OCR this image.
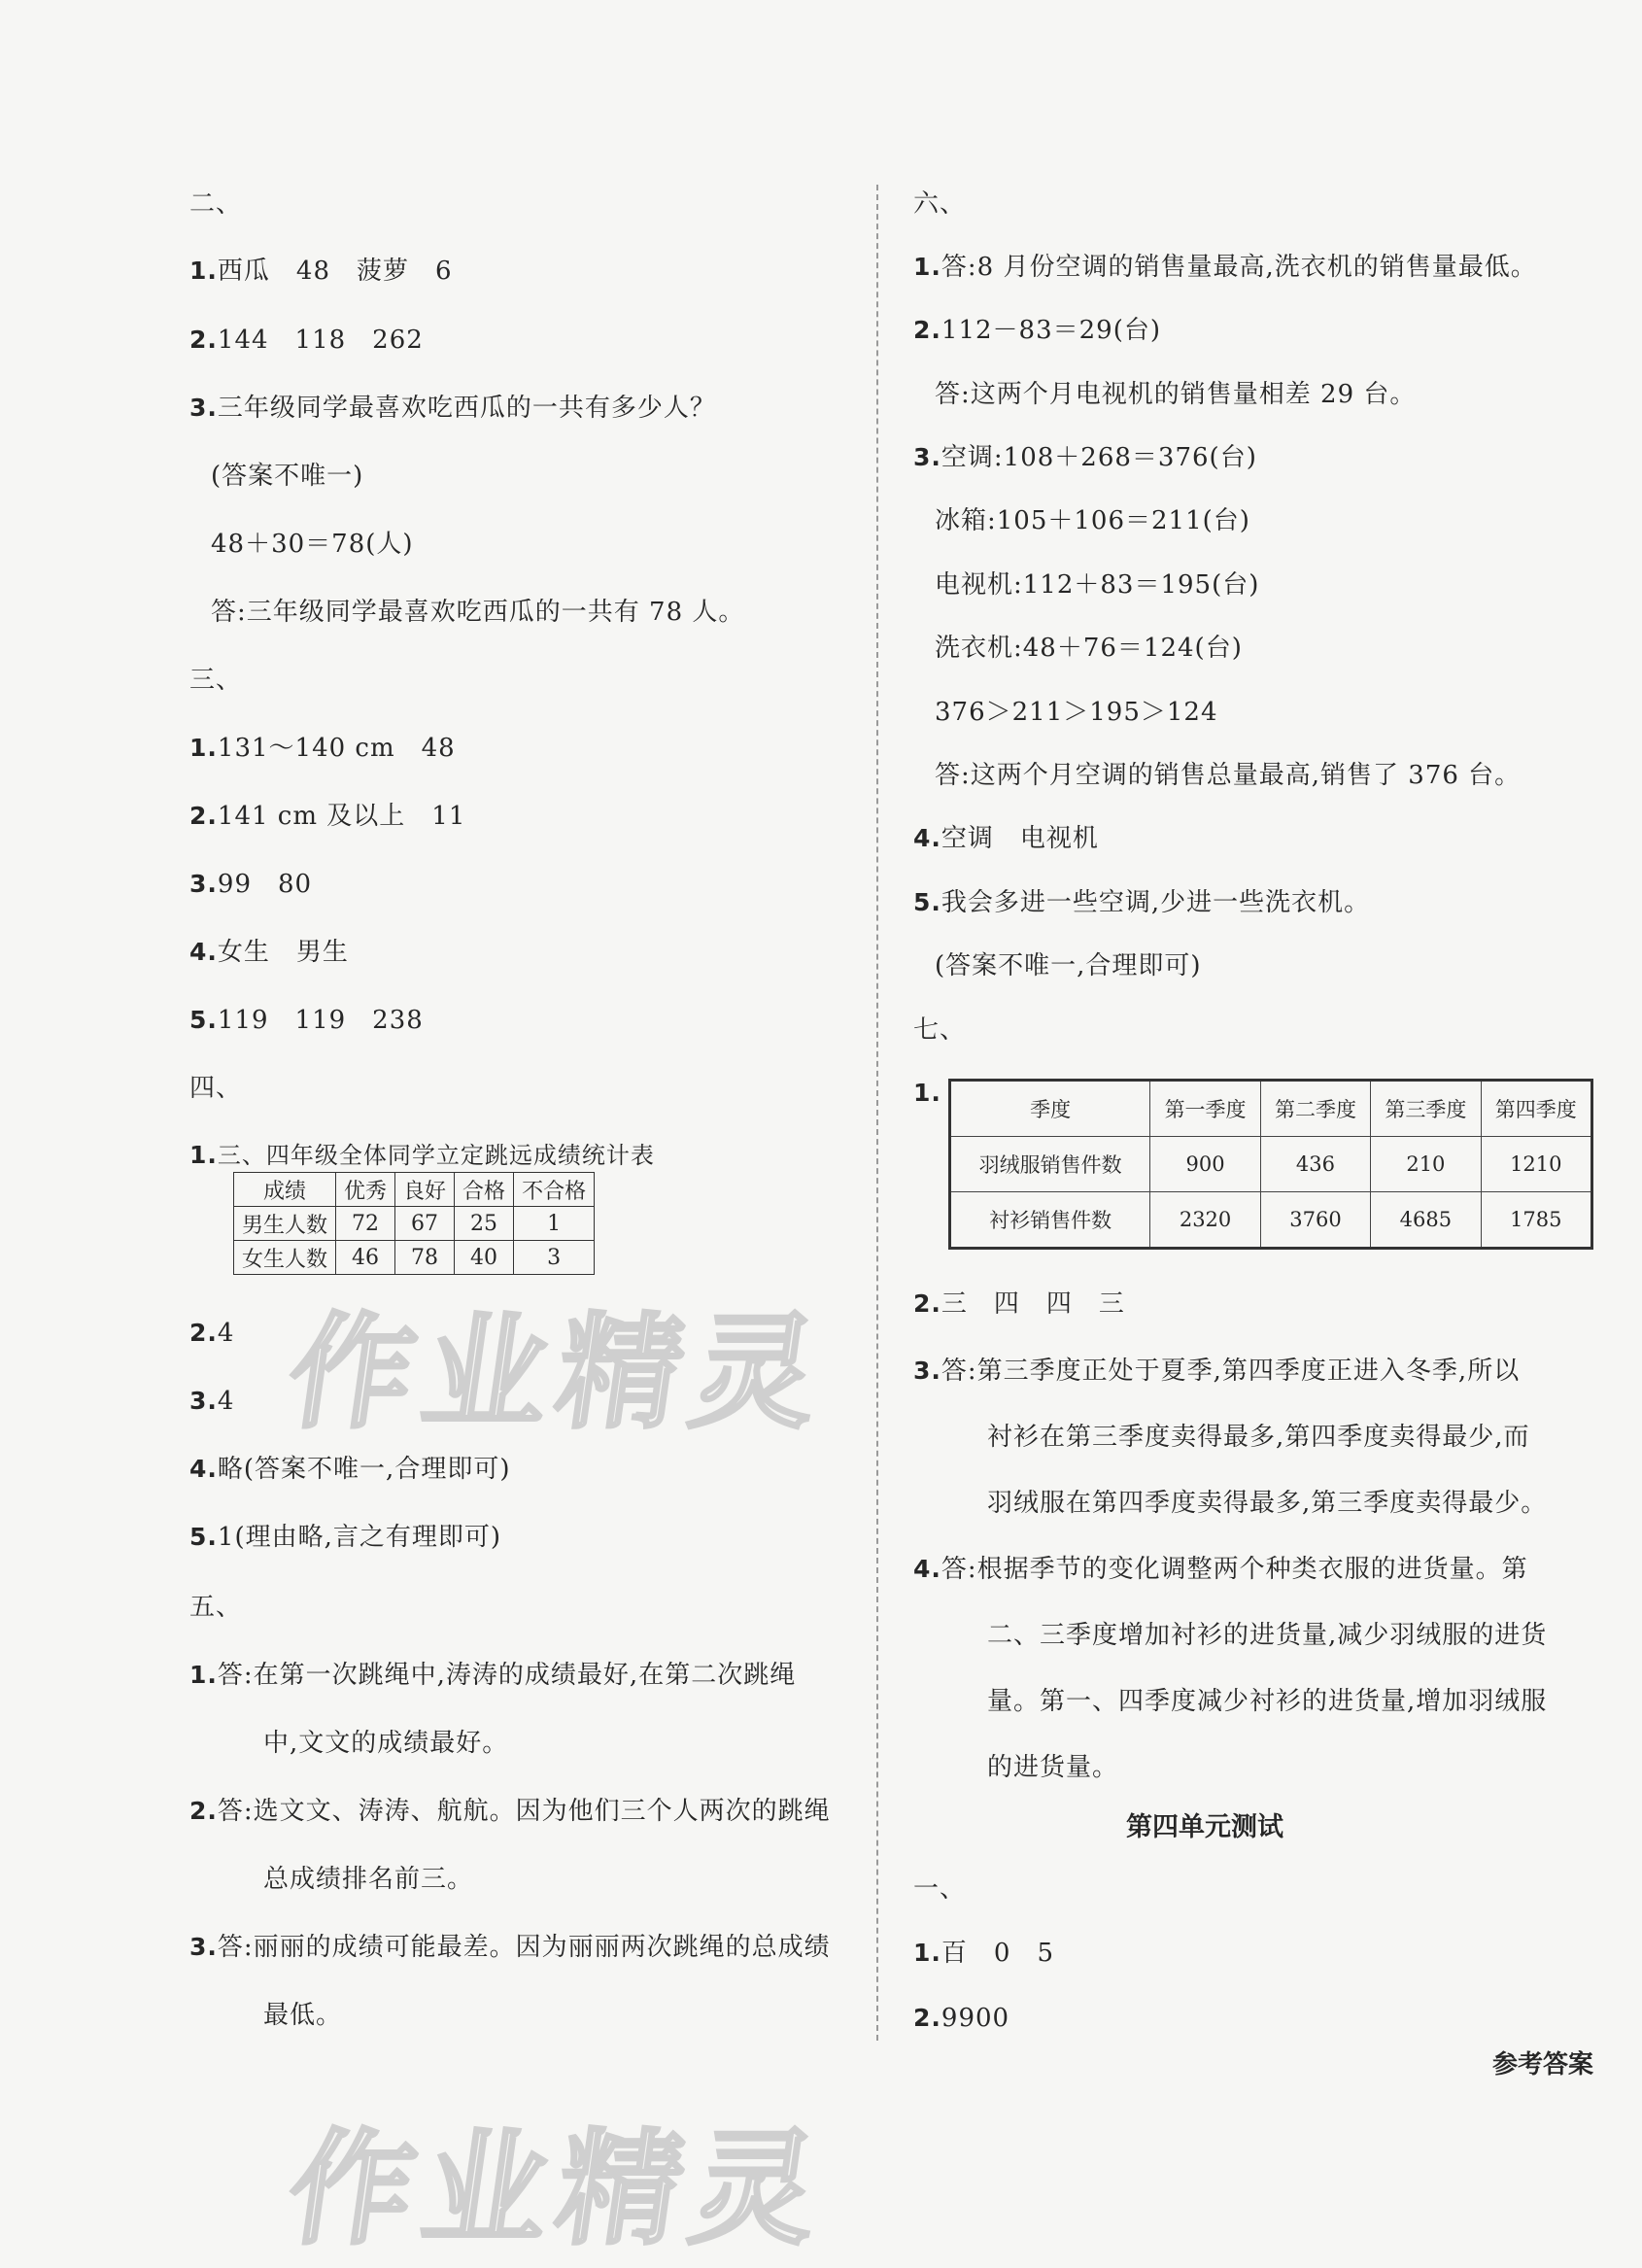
作业精灵
作业精灵
二、
1.西瓜　48　菠萝　6
2.144　118　262
3.三年级同学最喜欢吃西瓜的一共有多少人？
(答案不唯一)
48＋30＝78(人)
答:三年级同学最喜欢吃西瓜的一共有 78 人。
三、
1.131～140 cm　48
2.141 cm 及以上　11
3.99　80
4.女生　男生
5.119　119　238
四、
1.三、四年级全体同学立定跳远成绩统计表
成绩	优秀	良好	合格	不合格
男生人数	72	67	25	1
女生人数	46	78	40	3
2.4
3.4
4.略(答案不唯一,合理即可)
5.1(理由略,言之有理即可)
五、
1.答:在第一次跳绳中,涛涛的成绩最好,在第二次跳绳
中,文文的成绩最好。
2.答:选文文、涛涛、航航。因为他们三个人两次的跳绳
总成绩排名前三。
3.答:丽丽的成绩可能最差。因为丽丽两次跳绳的总成绩
最低。
六、
1.答:8 月份空调的销售量最高,洗衣机的销售量最低。
2.112－83＝29(台)
答:这两个月电视机的销售量相差 29 台。
3.空调:108＋268＝376(台)
冰箱:105＋106＝211(台)
电视机:112＋83＝195(台)
洗衣机:48＋76＝124(台)
376＞211＞195＞124
答:这两个月空调的销售总量最高,销售了 376 台。
4.空调　电视机
5.我会多进一些空调,少进一些洗衣机。
(答案不唯一,合理即可)
七、
1.
季度	第一季度	第二季度	第三季度	第四季度
羽绒服销售件数	900	436	210	1210
衬衫销售件数	2320	3760	4685	1785
2.三　四　四　三
3.答:第三季度正处于夏季,第四季度正进入冬季,所以
衬衫在第三季度卖得最多,第四季度卖得最少,而
羽绒服在第四季度卖得最多,第三季度卖得最少。
4.答:根据季节的变化调整两个种类衣服的进货量。第
二、三季度增加衬衫的进货量,减少羽绒服的进货
量。第一、四季度减少衬衫的进货量,增加羽绒服
的进货量。
第四单元测试
一、
1.百　0　5
2.9900
参考答案
